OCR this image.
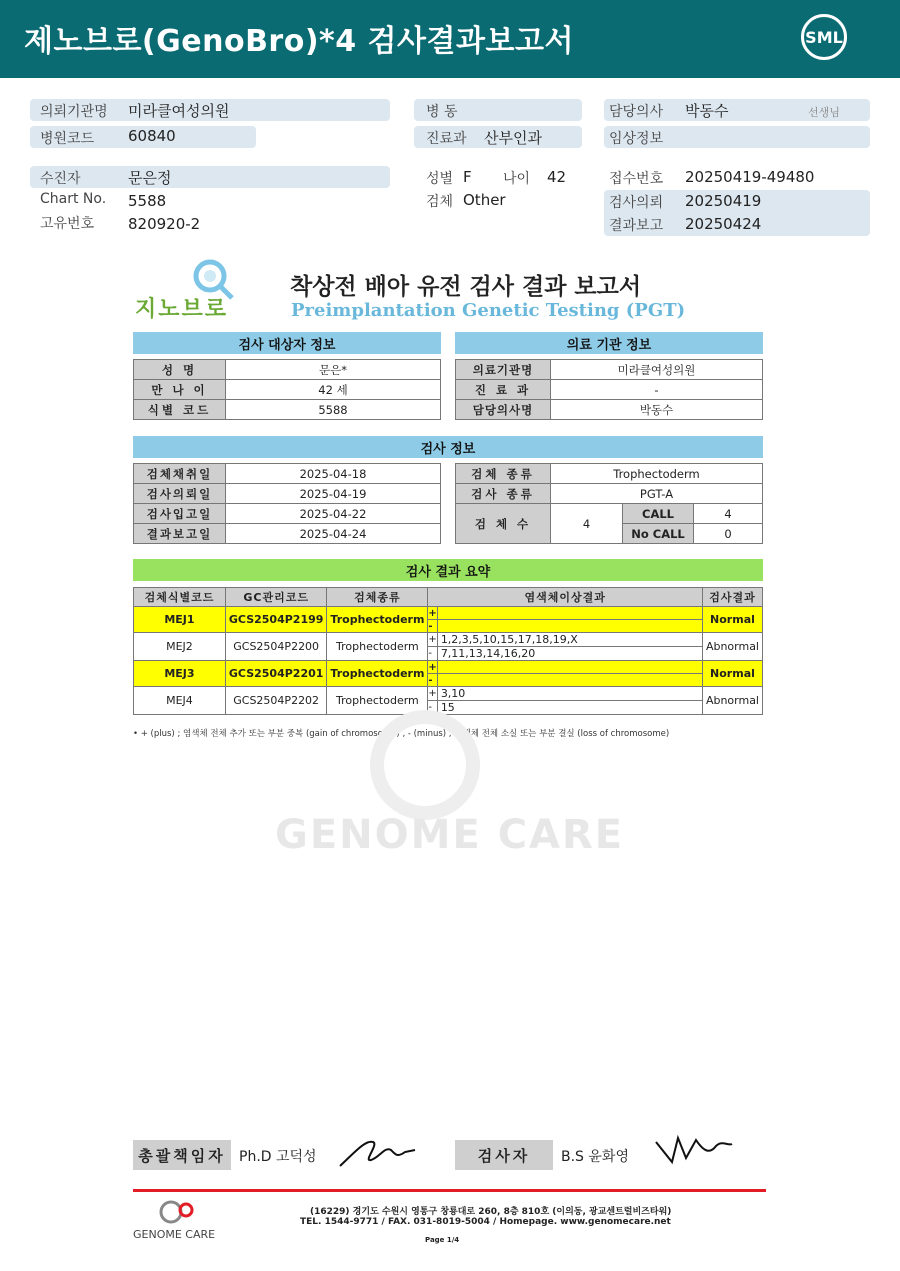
제노브로(GenoBro)*4 검사결과보고서	SML
의뢰기관명 미라클여성의원
병원코드 60840
병 동
진료과 산부인과
담당의사 박동수	선생님
임상정보
수진자	문은정
Chart No. 5588
고유번호 820920-2
성별 F 나이 42
검체 Other
접수번호 20250419-49480
검사의뢰 20250419
결과보고 20250424
지노브로
착상전 배아 유전 검사 결과 보고서
Preimplantation Genetic Testing (PGT)
검사 대상자 정보
성 명	문은*
만 나 이	42 세
식별 코드	5588
의료 기관 정보
의료기관명	미라클여성의원
진 료 과	-
담당의사명	박동수
검사 정보
검체채취일	2025-04-18
검사의뢰일	2025-04-19
검사입고일	2025-04-22
결과보고일	2025-04-24
검체 종류	Trophectoderm		
검사 종류	PGT-A		
검 체 수	4	CALL	4
		No CALL	0
검사 결과 요약
검체식별코드	GC관리코드	검체종류	염색체이상결과		검사결과
MEJ1	GCS2504P2199	Trophectoderm	+		Normal
			-		
MEJ2	GCS2504P2200	Trophectoderm	+	1,2,3,5,10,15,17,18,19,X	Abnormal
			-	7,11,13,14,16,20	
MEJ3	GCS2504P2201	Trophectoderm	+		Normal
			-		
MEJ4	GCS2504P2202	Trophectoderm	+	3,10	Abnormal
			-	15	
• + (plus) ; 염색체 전체 추가 또는 부분 중복 (gain of chromosome) , - (minus) ; 염색체 전체 소실 또는 부분 결실 (loss of chromosome)
GENOME CARE
총괄책임자 Ph.D 고덕성	검사자	B.S 윤화영
GENOME CARE
(16229) 경기도 수원시 영통구 창룡대로 260, 8층 810호 (이의동, 광교센트럴비즈타워)
TEL. 1544-9771 / FAX. 031-8019-5004 / Homepage. www.genomecare.net
Page 1/4
